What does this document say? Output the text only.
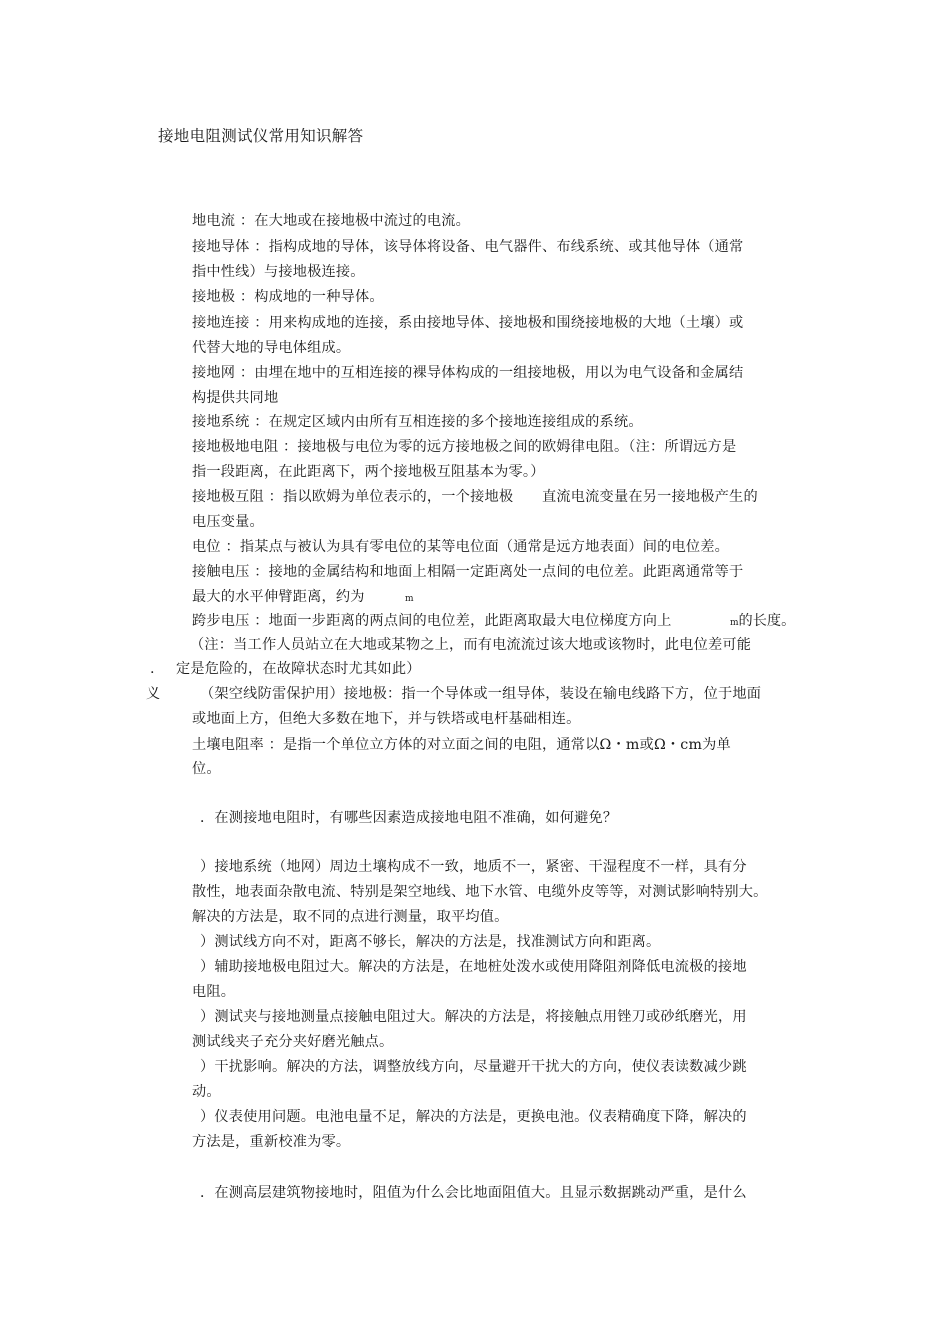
接地电阻测试仪常用知识解答
地电流 ：在大地或在接地极中流过的电流。
接地导体 ：指构成地的导体，该导体将设备、电气器件、布线系统、或其他导体（通常
指中性线）与接地极连接。
接地极 ：构成地的一种导体。
接地连接 ：用来构成地的连接，系由接地导体、接地极和围绕接地极的大地（土壤）或
代替大地的导电体组成。
接地网 ：由埋在地中的互相连接的裸导体构成的一组接地极，用以为电气设备和金属结
构提供共同地
接地系统 ：在规定区域内由所有互相连接的多个接地连接组成的系统。
接地极地电阻 ：接地极与电位为零的远方接地极之间的欧姆律电阻。（注：所谓远方是
指一段距离，在此距离下，两个接地极互阻基本为零。）
接地极互阻 ：指以欧姆为单位表示的，一个接地极　　直流电流变量在另一接地极产生的
电压变量。
电位 ：指某点与被认为具有零电位的某等电位面（通常是远方地表面）间的电位差。
接触电压 ：接地的金属结构和地面上相隔一定距离处一点间的电位差。此距离通常等于
最大的水平伸臂距离，约为	m
跨步电压 ：地面一步距离的两点间的电位差，此距离取最大电位梯度方向上	m的长度。
（注：当工作人员站立在大地或某物之上，而有电流流过该大地或该物时，此电位差可能
. 定是危险的，在故障状态时尤其如此）
义	（架空线防雷保护用）接地极：指一个导体或一组导体，装设在输电线路下方，位于地面
或地面上方，但绝大多数在地下，并与铁塔或电杆基础相连。
土壤电阻率 ：是指一个单位立方体的对立面之间的电阻，通常以Ω・m或Ω・cm为单
位。
．在测接地电阻时，有哪些因素造成接地电阻不准确，如何避免？
）接地系统（地网）周边土壤构成不一致，地质不一，紧密、干湿程度不一样，具有分
散性，地表面杂散电流、特别是架空地线、地下水管、电缆外皮等等，对测试影响特别大。
解决的方法是，取不同的点进行测量，取平均值。
）测试线方向不对，距离不够长，解决的方法是，找准测试方向和距离。
）辅助接地极电阻过大。解决的方法是，在地桩处泼水或使用降阻剂降低电流极的接地
电阻。
）测试夹与接地测量点接触电阻过大。解决的方法是，将接触点用锉刀或砂纸磨光，用
测试线夹子充分夹好磨光触点。
）干扰影响。解决的方法，调整放线方向，尽量避开干扰大的方向，使仪表读数减少跳
动。
）仪表使用问题。电池电量不足，解决的方法是，更换电池。仪表精确度下降，解决的
方法是，重新校准为零。
．在测高层建筑物接地时，阻值为什么会比地面阻值大。且显示数据跳动严重，是什么
